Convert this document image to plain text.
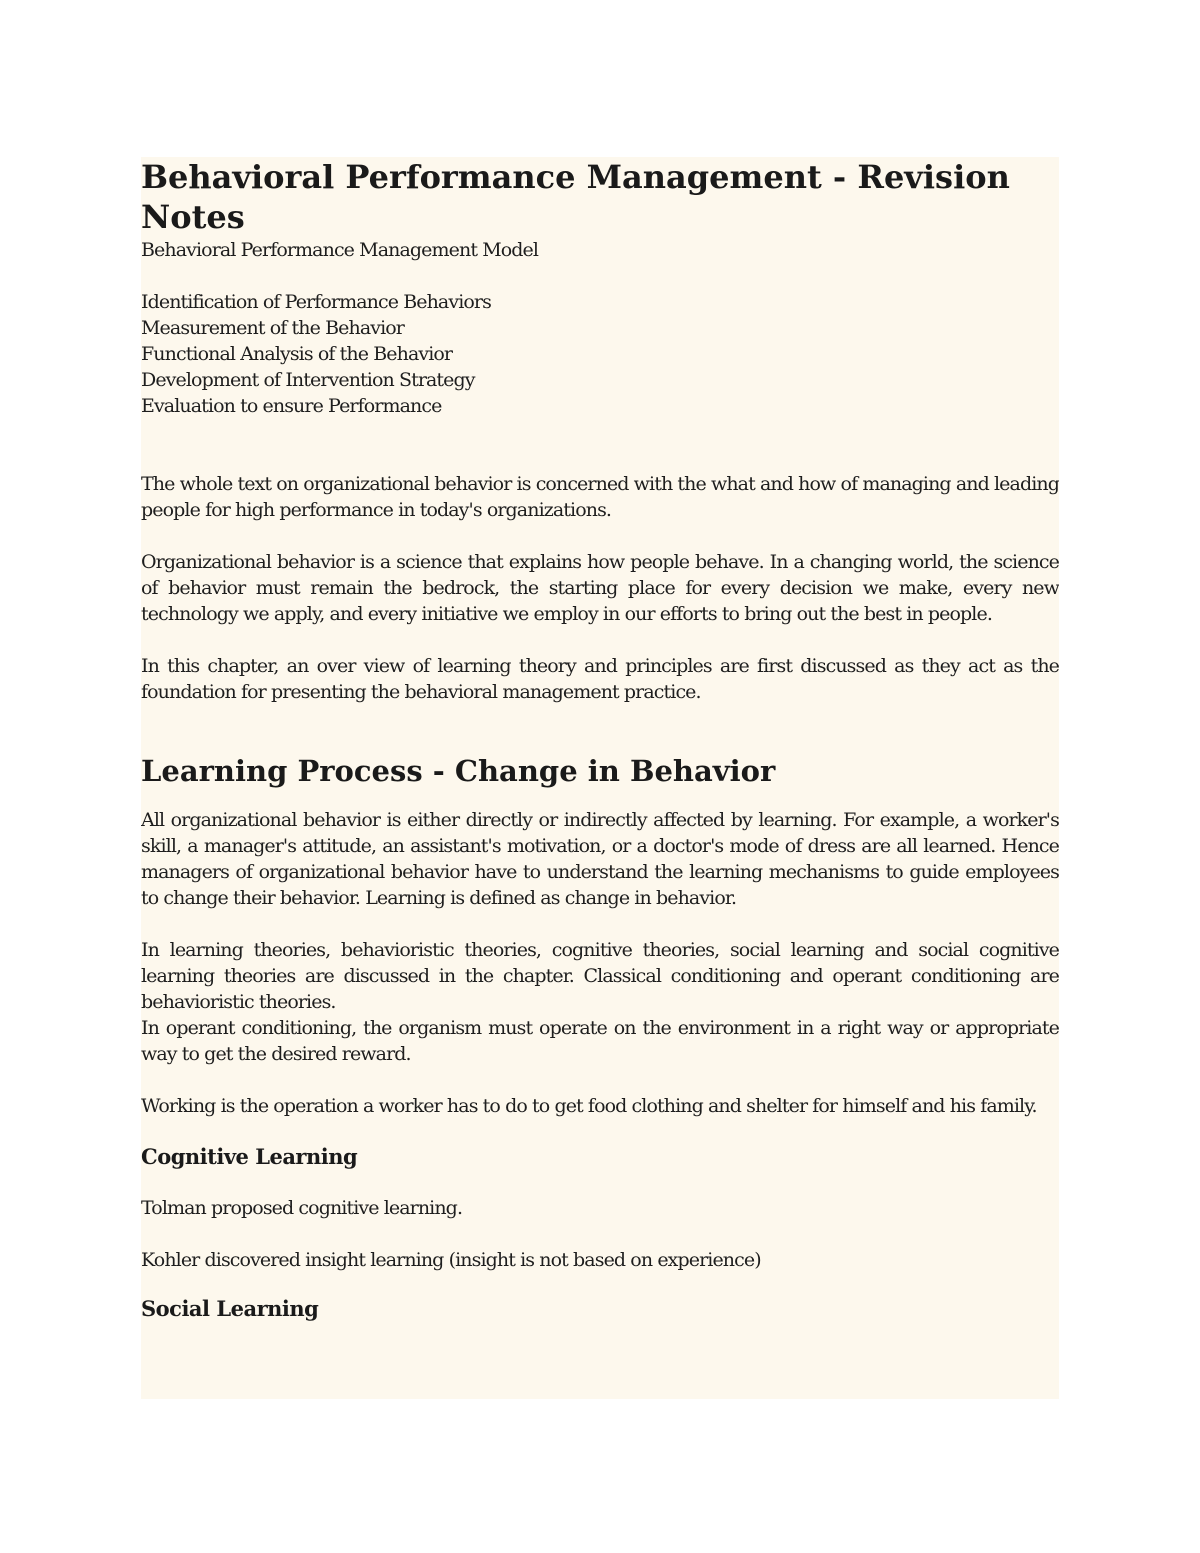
Behavioral Performance Management - Revision Notes

Behavioral Performance Management Model

Identification of Performance Behaviors

Measurement of the Behavior

Functional Analysis of the Behavior

Development of Intervention Strategy

Evaluation to ensure Performance

The whole text on organizational behavior is concerned with the what and how of managing and leading people for high performance in today's organizations.

Organizational behavior is a science that explains how people behave. In a changing world, the science of behavior must remain the bedrock, the starting place for every decision we make, every new technology we apply, and every initiative we employ in our efforts to bring out the best in people.

In this chapter, an over view of learning theory and principles are first discussed as they act as the foundation for presenting the behavioral management practice.

Learning Process - Change in Behavior

All organizational behavior is either directly or indirectly affected by learning. For example, a worker's skill, a manager's attitude, an assistant's motivation, or a doctor's mode of dress are all learned. Hence managers of organizational behavior have to understand the learning mechanisms to guide employees to change their behavior. Learning is defined as change in behavior.

In learning theories, behavioristic theories, cognitive theories, social learning and social cognitive learning theories are discussed in the chapter. Classical conditioning and operant conditioning are behavioristic theories.

In operant conditioning, the organism must operate on the environment in a right way or appropriate way to get the desired reward.

Working is the operation a worker has to do to get food clothing and shelter for himself and his family.

Cognitive Learning

Tolman proposed cognitive learning.

Kohler discovered insight learning (insight is not based on experience)

Social Learning
